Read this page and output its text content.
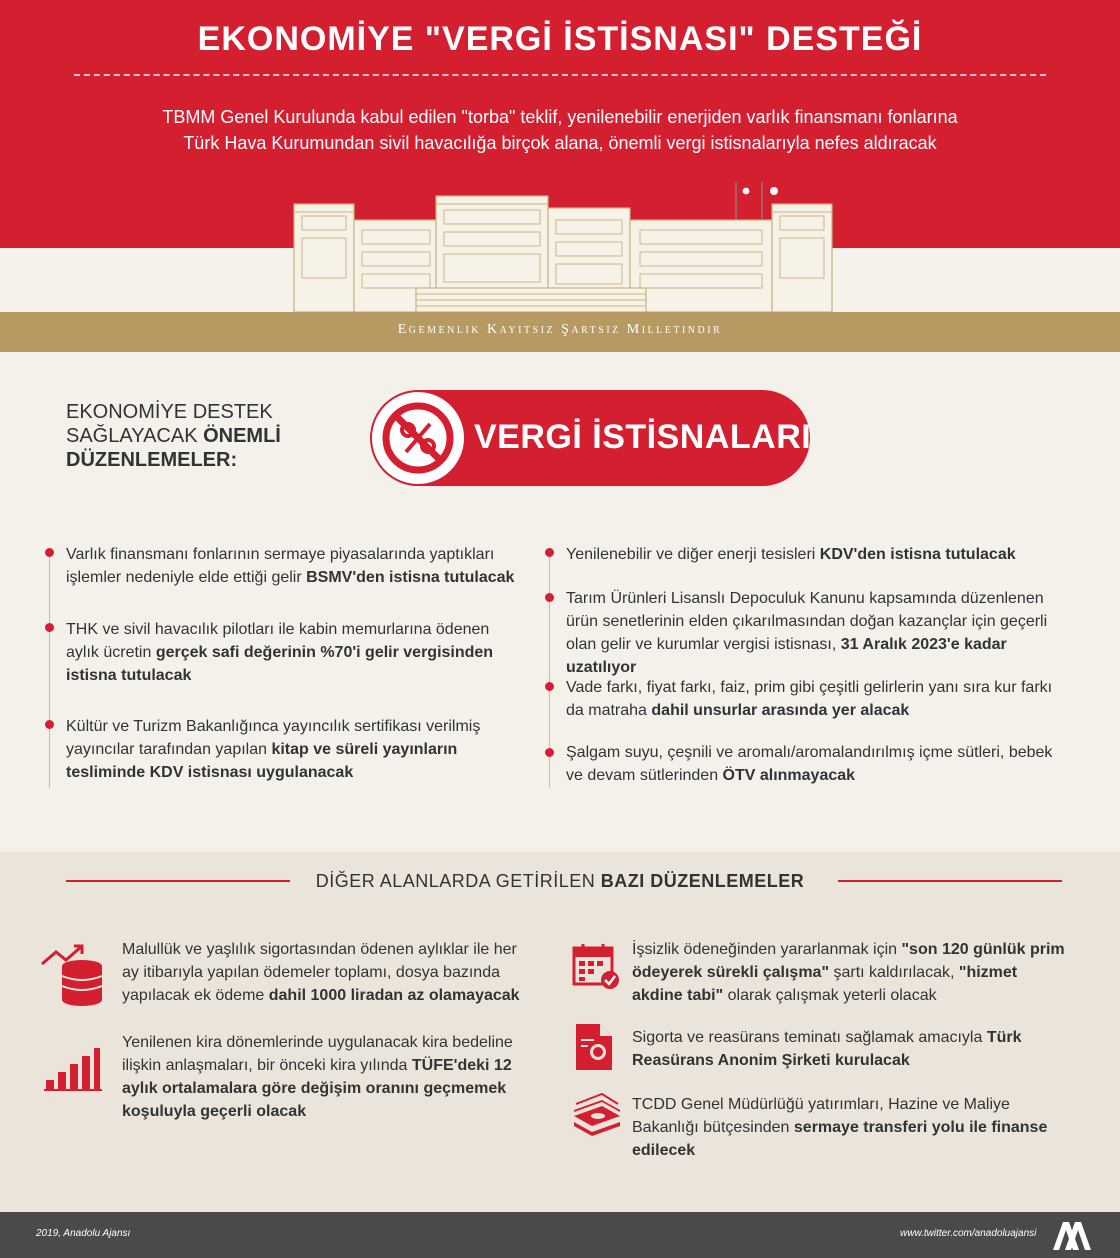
EKONOMİYE "VERGİ İSTİSNASI" DESTEĞİ
TBMM Genel Kurulunda kabul edilen "torba" teklif, yenilenebilir enerjiden varlık finansmanı fonlarına
Türk Hava Kurumundan sivil havacılığa birçok alana, önemli vergi istisnalarıyla nefes aldıracak
Egemenlik Kayıtsız Şartsız Milletindir
EKONOMİYE DESTEK
SAĞLAYACAK ÖNEMLİ
DÜZENLEMELER:
VERGİ İSTİSNALARI
Varlık finansmanı fonlarının sermaye piyasalarında yaptıkları işlemler nedeniyle elde ettiği gelir BSMV'den istisna tutulacak
THK ve sivil havacılık pilotları ile kabin memurlarına ödenen aylık ücretin gerçek safi değerinin %70'i gelir vergisinden istisna tutulacak
Kültür ve Turizm Bakanlığınca yayıncılık sertifikası verilmiş yayıncılar tarafından yapılan kitap ve süreli yayınların tesliminde KDV istisnası uygulanacak
Yenilenebilir ve diğer enerji tesisleri KDV'den istisna tutulacak
Tarım Ürünleri Lisanslı Depoculuk Kanunu kapsamında düzenlenen ürün senetlerinin elden çıkarılmasından doğan kazançlar için geçerli olan gelir ve kurumlar vergisi istisnası, 31 Aralık 2023'e kadar uzatılıyor
Vade farkı, fiyat farkı, faiz, prim gibi çeşitli gelirlerin yanı sıra kur farkı da matraha dahil unsurlar arasında yer alacak
Şalgam suyu, çeşnili ve aromalı/aromalandırılmış içme sütleri, bebek ve devam sütlerinden ÖTV alınmayacak
DİĞER ALANLARDA GETİRİLEN BAZI DÜZENLEMELER
Malullük ve yaşlılık sigortasından ödenen aylıklar ile her ay itibarıyla yapılan ödemeler toplamı, dosya bazında yapılacak ek ödeme dahil 1000 liradan az olamayacak
Yenilenen kira dönemlerinde uygulanacak kira bedeline ilişkin anlaşmaları, bir önceki kira yılında TÜFE'deki 12 aylık ortalamalara göre değişim oranını geçmemek koşuluyla geçerli olacak
İşsizlik ödeneğinden yararlanmak için "son 120 günlük prim ödeyerek sürekli çalışma" şartı kaldırılacak, "hizmet akdine tabi" olarak çalışmak yeterli olacak
Sigorta ve reasürans teminatı sağlamak amacıyla Türk Reasürans Anonim Şirketi kurulacak
TCDD Genel Müdürlüğü yatırımları, Hazine ve Maliye Bakanlığı bütçesinden sermaye transferi yolu ile finanse edilecek
2019, Anadolu Ajansı	www.twitter.com/anadoluajansi
